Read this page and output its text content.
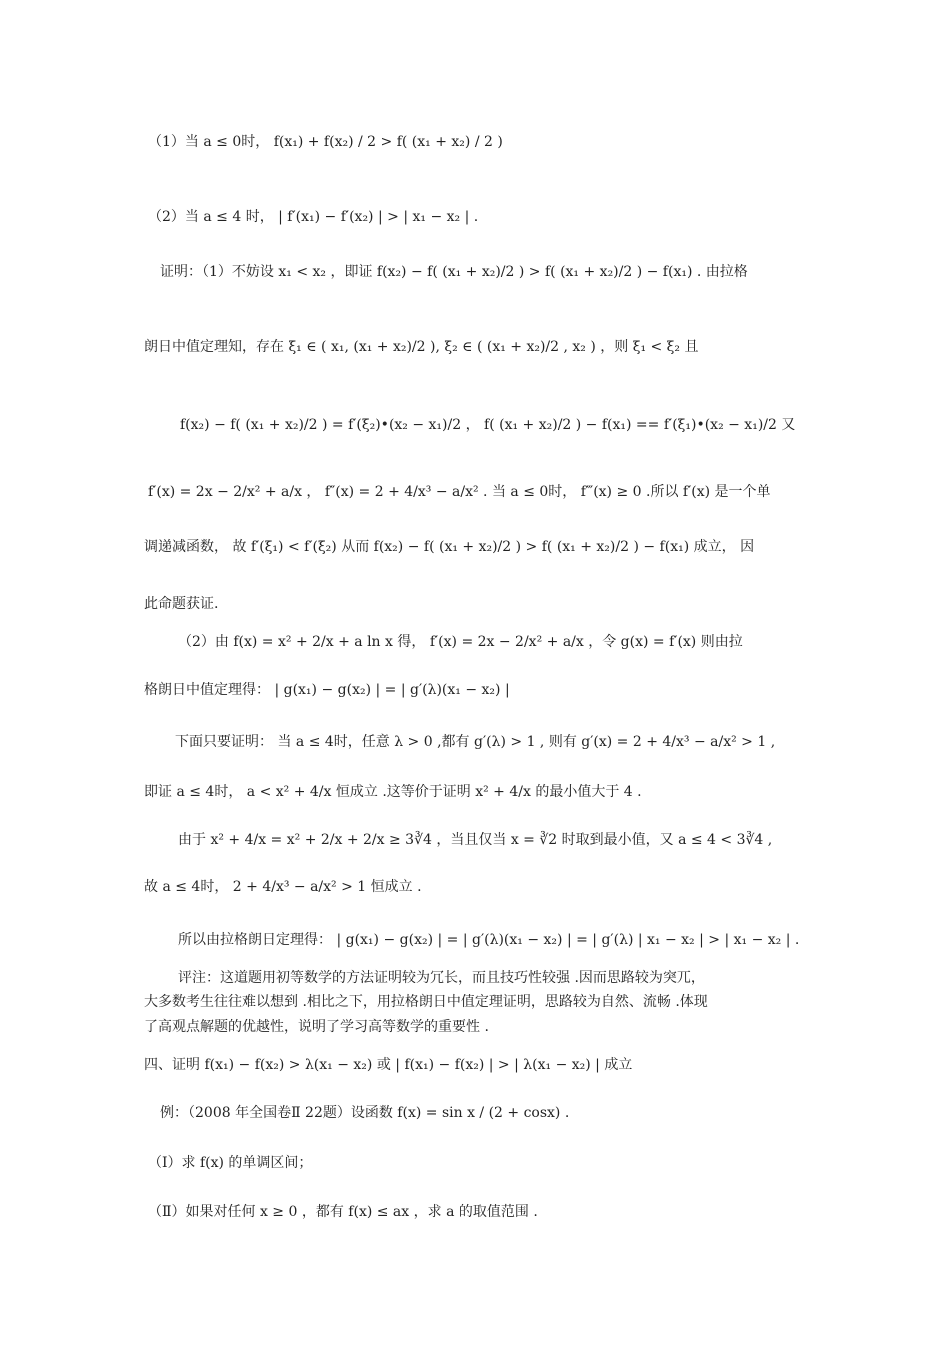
（1）当 a ≤ 0时， f(x₁) + f(x₂) / 2 > f( (x₁ + x₂) / 2 )
（2）当 a ≤ 4 时， | f′(x₁) − f′(x₂) | > | x₁ − x₂ | .
证明：（1）不妨设 x₁ < x₂ ，即证 f(x₂) − f( (x₁ + x₂)/2 ) > f( (x₁ + x₂)/2 ) − f(x₁) . 由拉格
朗日中值定理知，存在 ξ₁ ∈ ( x₁, (x₁ + x₂)/2 ), ξ₂ ∈ ( (x₁ + x₂)/2 , x₂ ) ，则 ξ₁ < ξ₂ 且
f(x₂) − f( (x₁ + x₂)/2 ) = f′(ξ₂)•(x₂ − x₁)/2 ， f( (x₁ + x₂)/2 ) − f(x₁) == f′(ξ₁)•(x₂ − x₁)/2 又
f′(x) = 2x − 2/x² + a/x ， f″(x) = 2 + 4/x³ − a/x² . 当 a ≤ 0时， f‴(x) ≥ 0 .所以 f′(x) 是一个单
调递减函数， 故 f′(ξ₁) < f′(ξ₂) 从而 f(x₂) − f( (x₁ + x₂)/2 ) > f( (x₁ + x₂)/2 ) − f(x₁) 成立， 因
此命题获证.
（2）由 f(x) = x² + 2/x + a ln x 得， f′(x) = 2x − 2/x² + a/x ，令 g(x) = f′(x) 则由拉
格朗日中值定理得： | g(x₁) − g(x₂) | = | g′(λ)(x₁ − x₂) |
下面只要证明： 当 a ≤ 4时，任意 λ > 0 ,都有 g′(λ) > 1 , 则有 g′(x) = 2 + 4/x³ − a/x² > 1 ,
即证 a ≤ 4时， a < x² + 4/x 恒成立 .这等价于证明 x² + 4/x 的最小值大于 4 .
由于 x² + 4/x = x² + 2/x + 2/x ≥ 3∛4 ，当且仅当 x = ∛2 时取到最小值，又 a ≤ 4 < 3∛4 ,
故 a ≤ 4时， 2 + 4/x³ − a/x² > 1 恒成立 .
所以由拉格朗日定理得： | g(x₁) − g(x₂) | = | g′(λ)(x₁ − x₂) | = | g′(λ) | x₁ − x₂ | > | x₁ − x₂ | .
评注：这道题用初等数学的方法证明较为冗长，而且技巧性较强 .因而思路较为突兀，
大多数考生往往难以想到 .相比之下，用拉格朗日中值定理证明，思路较为自然、流畅 .体现
了高观点解题的优越性，说明了学习高等数学的重要性 .
四、证明 f(x₁) − f(x₂) > λ(x₁ − x₂) 或 | f(x₁) − f(x₂) | > | λ(x₁ − x₂) | 成立
例：（2008 年全国卷Ⅱ 22题）设函数 f(x) = sin x / (2 + cosx) .
（Ⅰ）求 f(x) 的单调区间；
（Ⅱ）如果对任何 x ≥ 0 ，都有 f(x) ≤ ax ，求 a 的取值范围 .
